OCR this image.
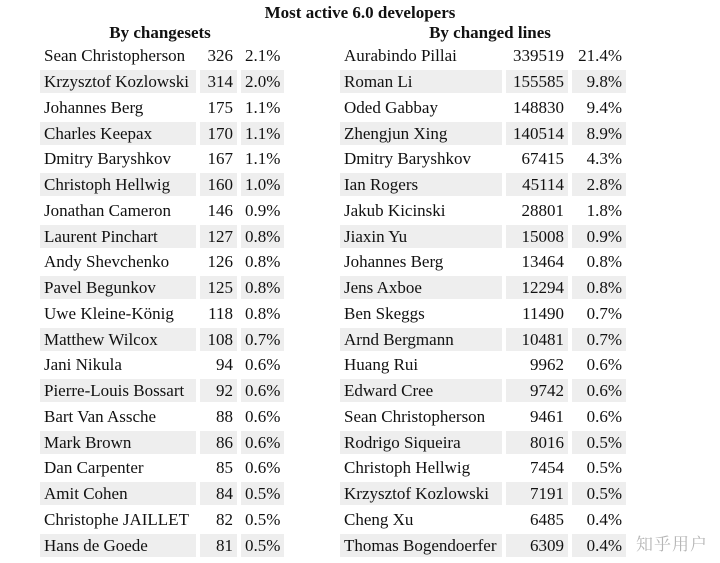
Most active 6.0 developers
By changesets	By changed lines
Sean Christopherson	326 2.1%
Krzysztof Kozlowski	314 2.0%
Johannes Berg	175 1.1%
Charles Keepax	170 1.1%
Dmitry Baryshkov	167 1.1%
Christoph Hellwig	160 1.0%
Jonathan Cameron	146 0.9%
Laurent Pinchart	127 0.8%
Andy Shevchenko	126 0.8%
Pavel Begunkov	125 0.8%
Uwe Kleine-König	118 0.8%
Matthew Wilcox	108 0.7%
Jani Nikula	94 0.6%
Pierre-Louis Bossart	92 0.6%
Bart Van Assche	88 0.6%
Mark Brown	86 0.6%
Dan Carpenter	85 0.6%
Amit Cohen	84 0.5%
Christophe JAILLET	82 0.5%
Hans de Goede	81 0.5%
Aurabindo Pillai	339519 21.4%
Roman Li	155585	9.8%
Oded Gabbay	148830	9.4%
Zhengjun Xing	140514	8.9%
Dmitry Baryshkov	67415	4.3%
Ian Rogers	45114	2.8%
Jakub Kicinski	28801	1.8%
Jiaxin Yu	15008	0.9%
Johannes Berg	13464	0.8%
Jens Axboe	12294	0.8%
Ben Skeggs	11490	0.7%
Arnd Bergmann	10481	0.7%
Huang Rui	9962	0.6%
Edward Cree	9742	0.6%
Sean Christopherson	9461	0.6%
Rodrigo Siqueira	8016	0.5%
Christoph Hellwig	7454	0.5%
Krzysztof Kozlowski	7191	0.5%
Cheng Xu	6485	0.4%
Thomas Bogendoerfer	6309	0.4% 知乎用户
